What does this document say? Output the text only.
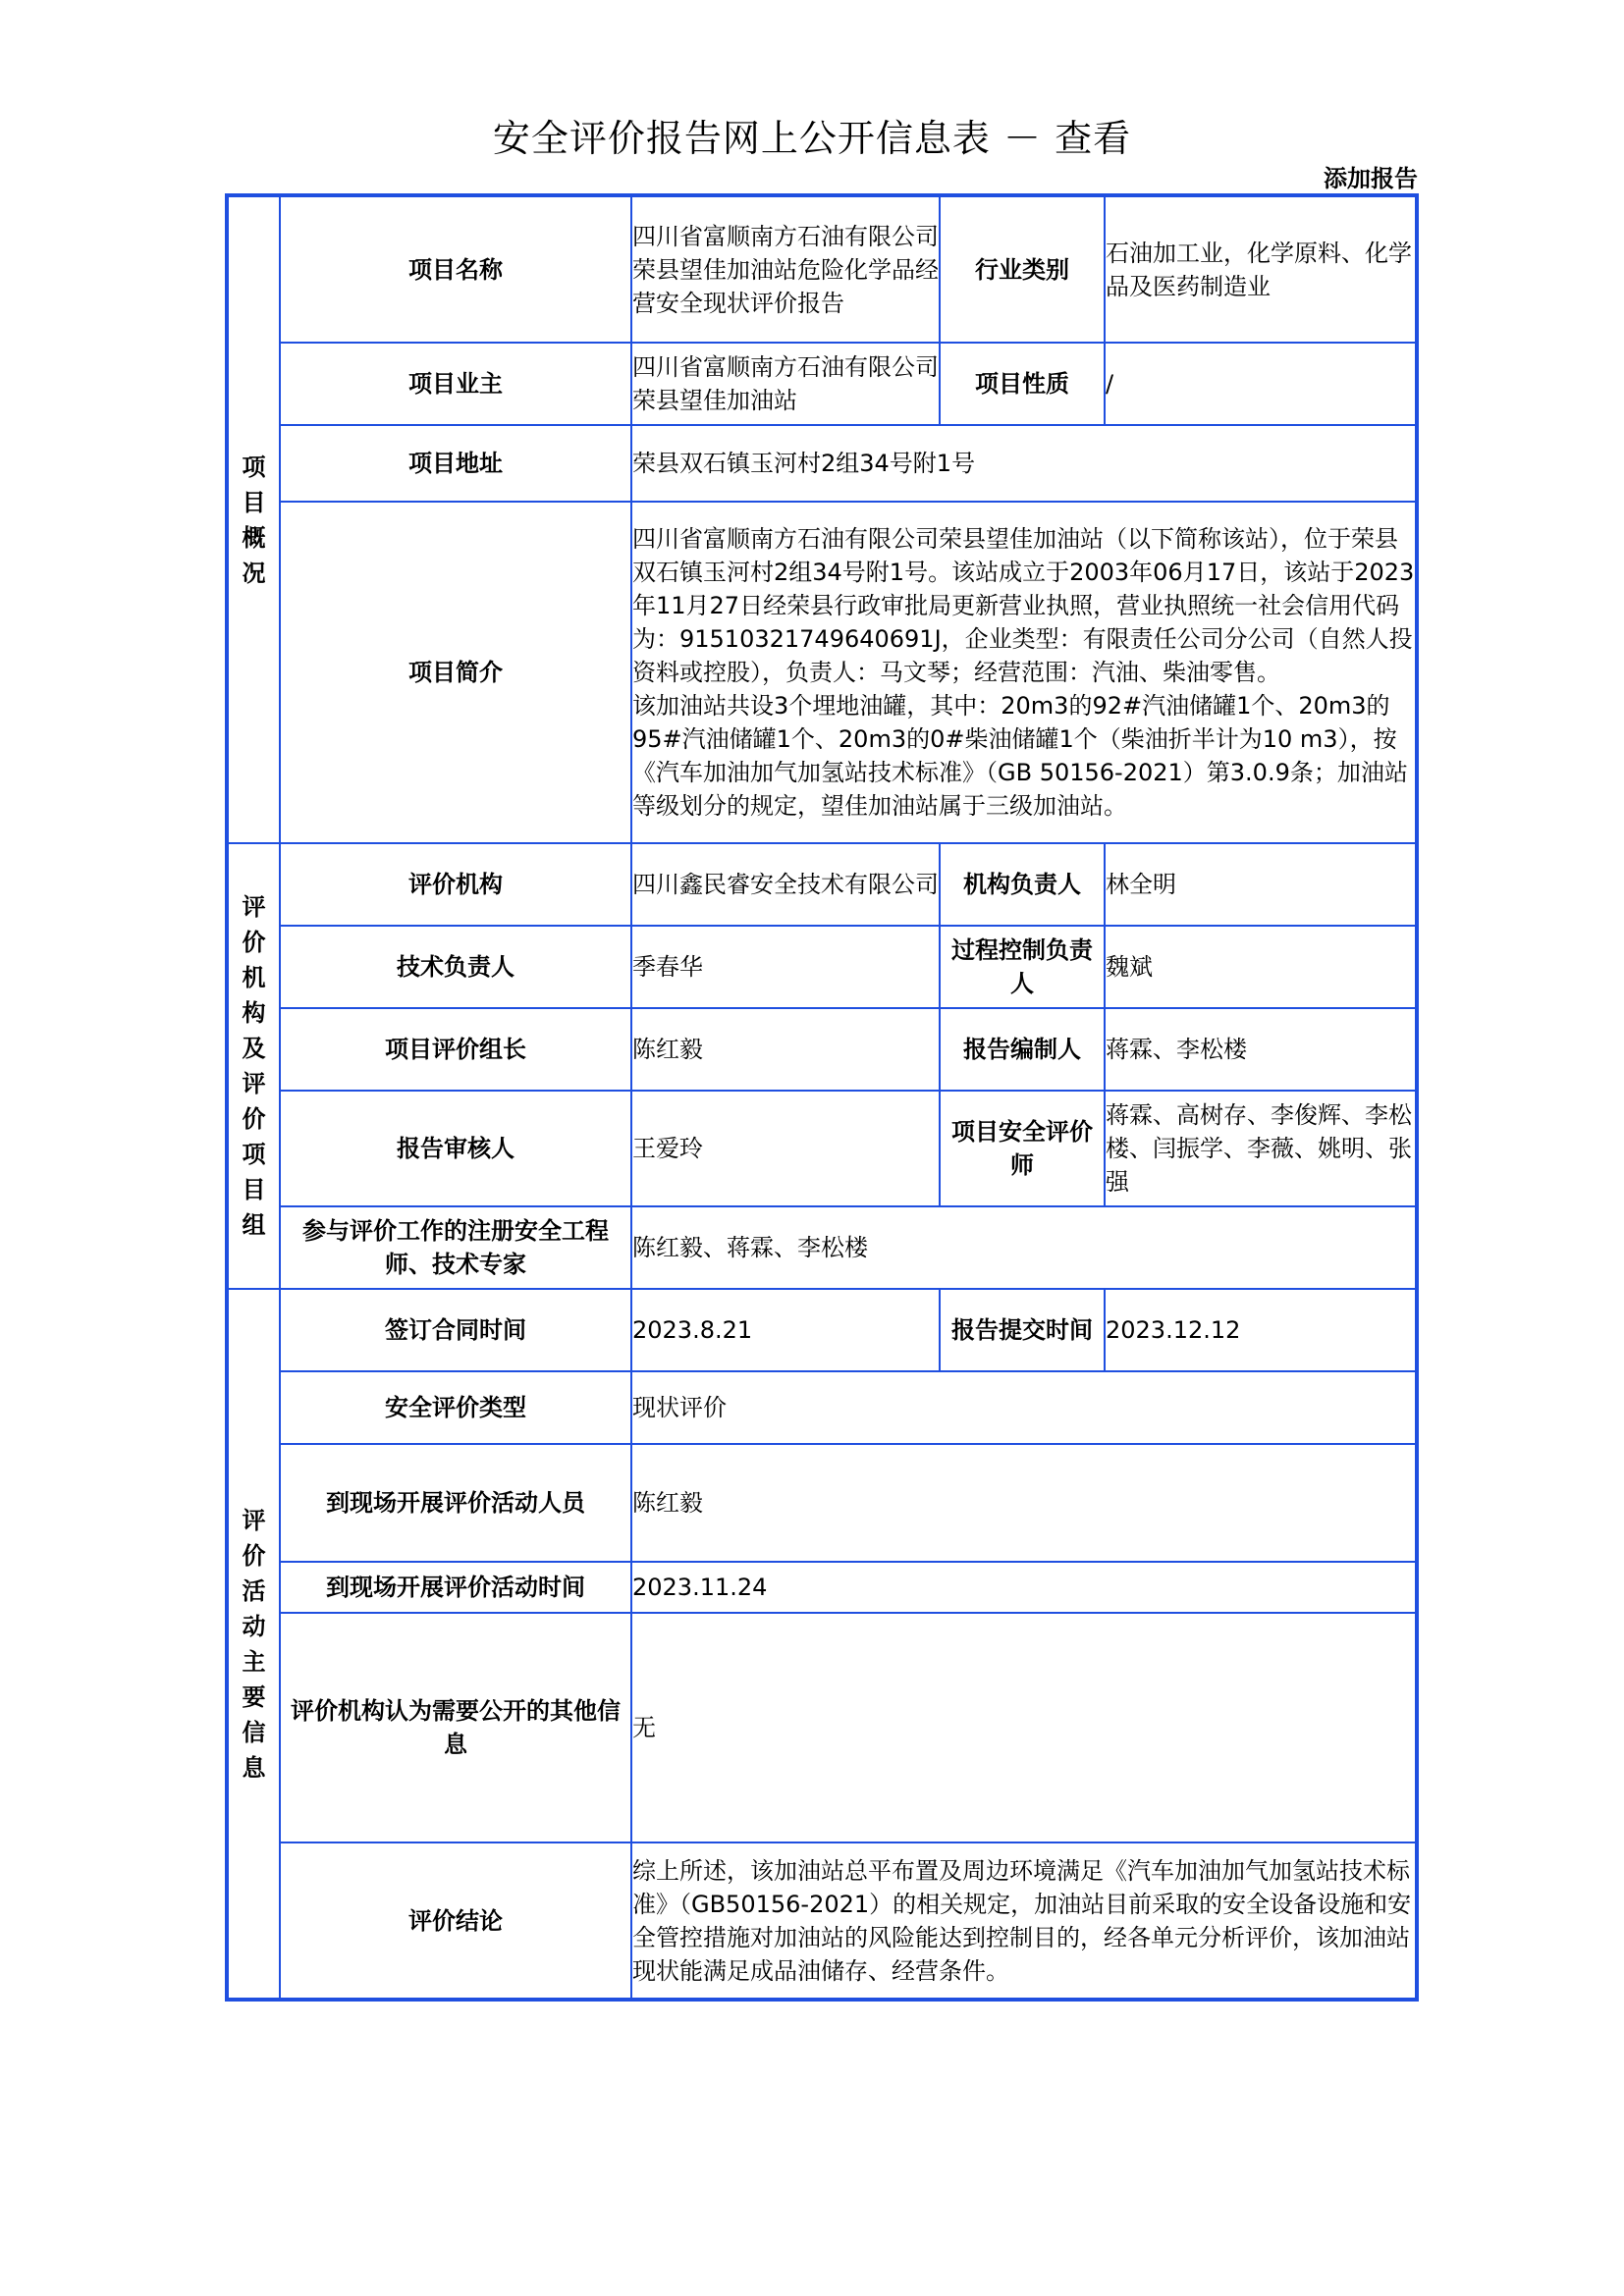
安全评价报告网上公开信息表 － 查看
添加报告
项目概况	项目名称	四川省富顺南方石油有限公司荣县望佳加油站危险化学品经营安全现状评价报告	行业类别	石油加工业，化学原料、化学品及医药制造业
	项目业主	四川省富顺南方石油有限公司荣县望佳加油站	项目性质	/
	项目地址	荣县双石镇玉河村2组34号附1号		
	项目简介	四川省富顺南方石油有限公司荣县望佳加油站（以下简称该站），位于荣县双石镇玉河村2组34号附1号。该站成立于2003年06月17日，该站于2023年11月27日经荣县行政审批局更新营业执照，营业执照统一社会信用代码为：91510321749640691J，企业类型：有限责任公司分公司（自然人投资料或控股），负责人：马文琴；经营范围：汽油、柴油零售。
该加油站共设3个埋地油罐，其中：20m3的92#汽油储罐1个、20m3的95#汽油储罐1个、20m3的0#柴油储罐1个（柴油折半计为10 m3），按《汽车加油加气加氢站技术标准》（GB 50156-2021）第3.0.9条；加油站等级划分的规定，望佳加油站属于三级加油站。		

评价机构及评价项目组	评价机构	四川鑫民睿安全技术有限公司	机构负责人	林全明
	技术负责人	季春华	过程控制负责人	魏斌
	项目评价组长	陈红毅	报告编制人	蒋霖、李松楼
	报告审核人	王爱玲	项目安全评价师	蒋霖、高树存、李俊辉、李松楼、闫振学、李薇、姚明、张强
	参与评价工作的注册安全工程师、技术专家	陈红毅、蒋霖、李松楼		
评价活动主要信息	签订合同时间	2023.8.21	报告提交时间	2023.12.12
	安全评价类型	现状评价		
	到现场开展评价活动人员	陈红毅		
	到现场开展评价活动时间	2023.11.24		
	评价机构认为需要公开的其他信息	无		
	评价结论	综上所述，该加油站总平布置及周边环境满足《汽车加油加气加氢站技术标准》（GB50156-2021）的相关规定，加油站目前采取的安全设备设施和安全管控措施对加油站的风险能达到控制目的，经各单元分析评价，该加油站现状能满足成品油储存、经营条件。		
